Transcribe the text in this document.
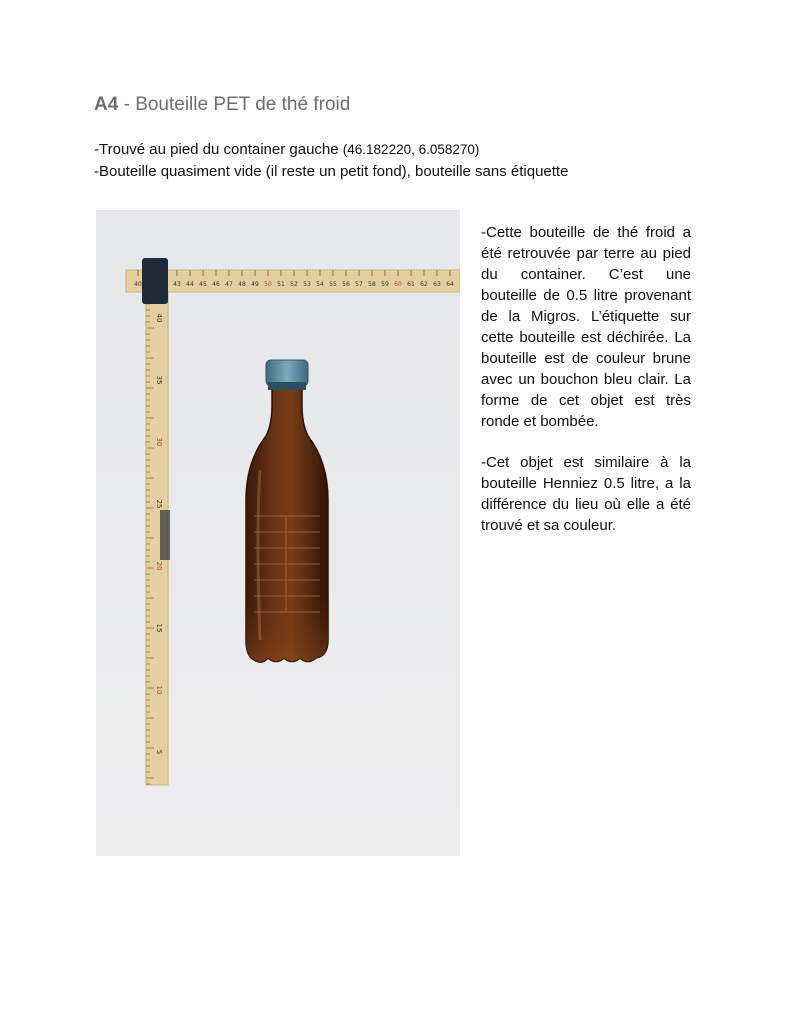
A4 - Bouteille PET de thé froid
-Trouvé au pied du container gauche (46.182220, 6.058270)
-Bouteille quasiment vide (il reste un petit fond), bouteille sans étiquette
40
35
30
25
20
15
10
5
40	43 44 45 46 47 48 49 50 51 52 53 54 55 56 57 58 59 60 61 62 63 64

-Cette bouteille de thé froid a été retrouvée par terre au pied du container. C’est une bouteille de 0.5 litre provenant de la Migros. L’étiquette sur cette bouteille est déchirée. La bouteille est de couleur brune avec un bouchon bleu clair. La forme de cet objet est très ronde et bombée.

-Cet objet est similaire à la bouteille Henniez 0.5 litre, a la différence du lieu où elle a été trouvé et sa couleur.
